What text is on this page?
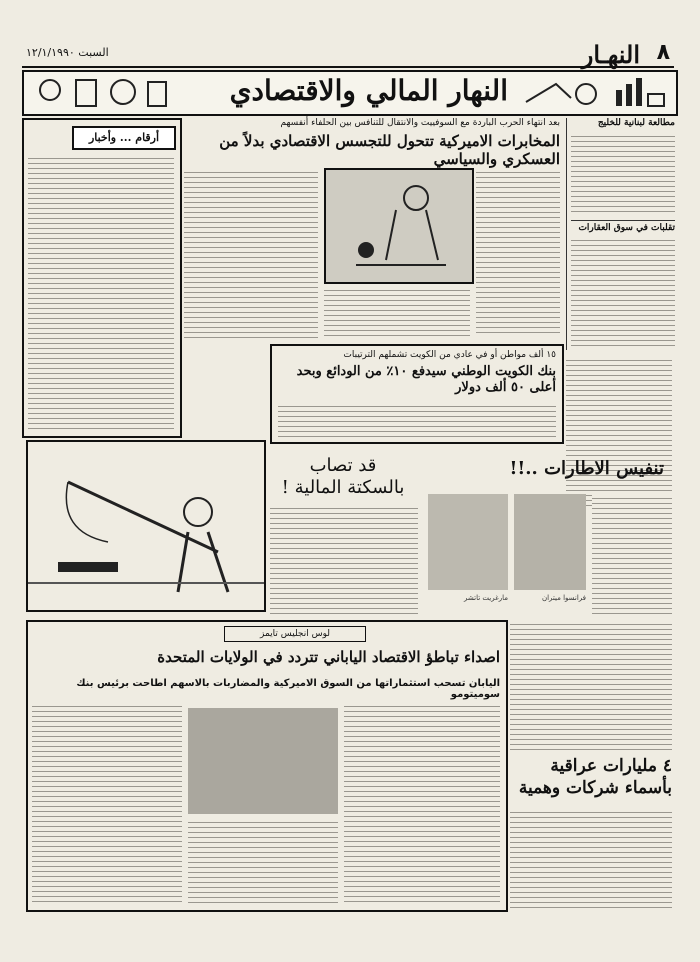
٨
النهـار
السبت ١٢/١/١٩٩٠
النهار المالي والاقتصادي
مطالعة لبنانية للخليج
تقلبات في سوق العقارات
بعد انتهاء الحرب الباردة مع السوفييت والانتقال للتنافس بين الحلفاء أنفسهم
المخابرات الاميركية تتحول للتجسس الاقتصادي بدلاً من العسكري والسياسي
أرقام ... وأخبار
١٥ ألف مواطن أو في عادي من الكويت تشملهم الترتيبات
بنك الكويت الوطني سيدفع ١٠٪ من الودائع وبحد أعلى ٥٠ ألف دولار
قد تصاب
بالسكتة المالية !
تنفيس الاطارات ..!!
فرانسوا ميتران
مارغريت تاتشر
لوس انجليس تايمز
اصداء تباطؤ الاقتصاد الياباني تتردد في الولايات المتحدة
اليابان تسحب استثماراتها من السوق الاميركية والمضاربات بالاسهم اطاحت برئيس بنك سوميتومو
٤ مليارات عراقية
بأسماء شركات وهمية
